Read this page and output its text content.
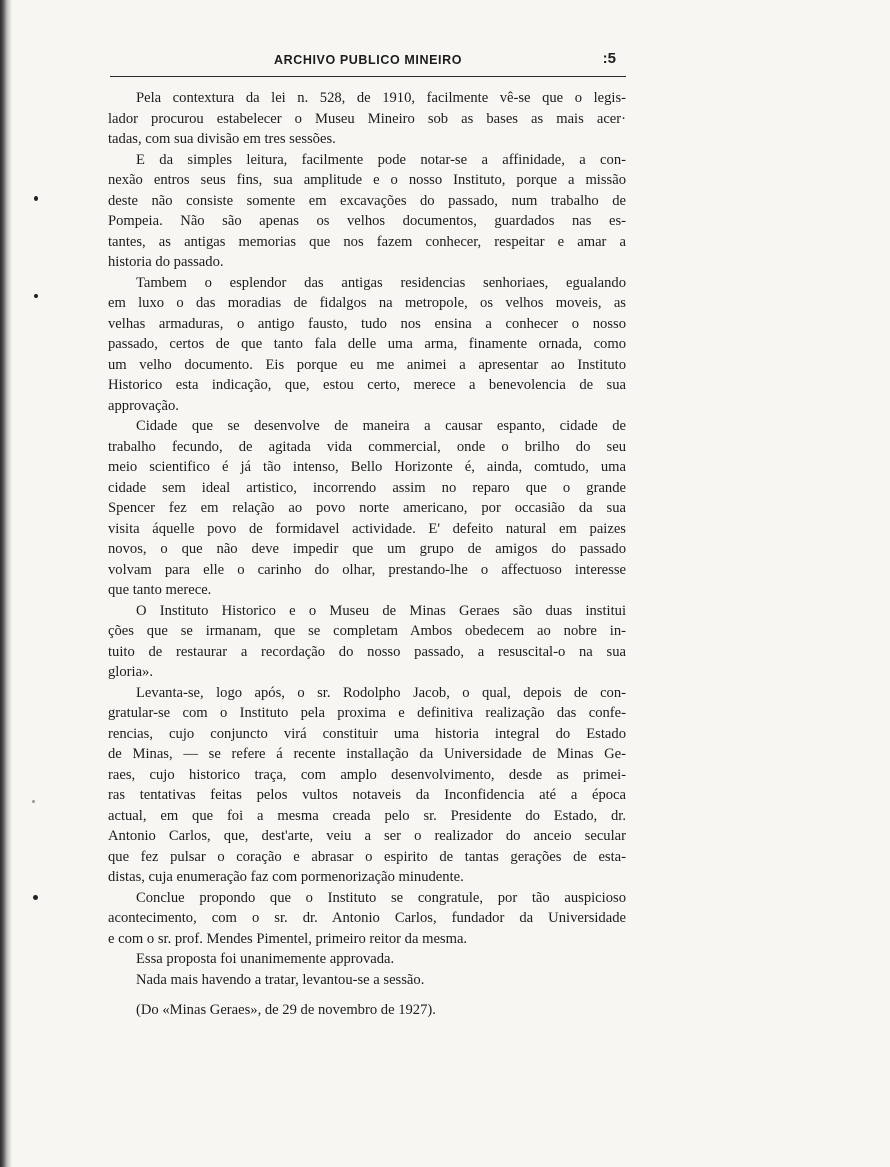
ARCHIVO PUBLICO MINEIRO	:5

Pela contextura da lei n. 528, de 1910, facilmente vê-se que o legis-
lador procurou estabelecer o Museu Mineiro sob as bases as mais acer·
tadas, com sua divisão em tres sessões.

E da simples leitura, facilmente pode notar-se a affinidade, a con-
nexão entros seus fins, sua amplitude e o nosso Instituto, porque a missão
deste não consiste somente em excavações do passado, num trabalho de
Pompeia. Não são apenas os velhos documentos, guardados nas es-
tantes, as antigas memorias que nos fazem conhecer, respeitar e amar a
historia do passado.

Tambem o esplendor das antigas residencias senhoriaes, egualando
em luxo o das moradias de fidalgos na metropole, os velhos moveis, as
velhas armaduras, o antigo fausto, tudo nos ensina a conhecer o nosso
passado, certos de que tanto fala delle uma arma, finamente ornada, como
um velho documento. Eis porque eu me animei a apresentar ao Instituto
Historico esta indicação, que, estou certo, merece a benevolencia de sua
approvação.

Cidade que se desenvolve de maneira a causar espanto, cidade de
trabalho fecundo, de agitada vida commercial, onde o brilho do seu
meio scientifico é já tão intenso, Bello Horizonte é, ainda, comtudo, uma
cidade sem ideal artistico, incorrendo assim no reparo que o grande
Spencer fez em relação ao povo norte americano, por occasião da sua
visita áquelle povo de formidavel actividade. E' defeito natural em paizes
novos, o que não deve impedir que um grupo de amigos do passado
volvam para elle o carinho do olhar, prestando-lhe o affectuoso interesse
que tanto merece.

O Instituto Historico e o Museu de Minas Geraes são duas institui
ções que se irmanam, que se completam Ambos obedecem ao nobre in-
tuito de restaurar a recordação do nosso passado, a resuscital-o na sua
gloria».

Levanta-se, logo após, o sr. Rodolpho Jacob, o qual, depois de con-
gratular-se com o Instituto pela proxima e definitiva realização das confe-
rencias, cujo conjuncto virá constituir uma historia integral do Estado
de Minas, — se refere á recente installação da Universidade de Minas Ge-
raes, cujo historico traça, com amplo desenvolvimento, desde as primei-
ras tentativas feitas pelos vultos notaveis da Inconfidencia até a época
actual, em que foi a mesma creada pelo sr. Presidente do Estado, dr.
Antonio Carlos, que, dest'arte, veiu a ser o realizador do anceio secular
que fez pulsar o coração e abrasar o espirito de tantas gerações de esta-
distas, cuja enumeração faz com pormenorização minudente.

Conclue propondo que o Instituto se congratule, por tão auspicioso
acontecimento, com o sr. dr. Antonio Carlos, fundador da Universidade
e com o sr. prof. Mendes Pimentel, primeiro reitor da mesma.

Essa proposta foi unanimemente approvada.

Nada mais havendo a tratar, levantou-se a sessão.

(Do «Minas Geraes», de 29 de novembro de 1927).
